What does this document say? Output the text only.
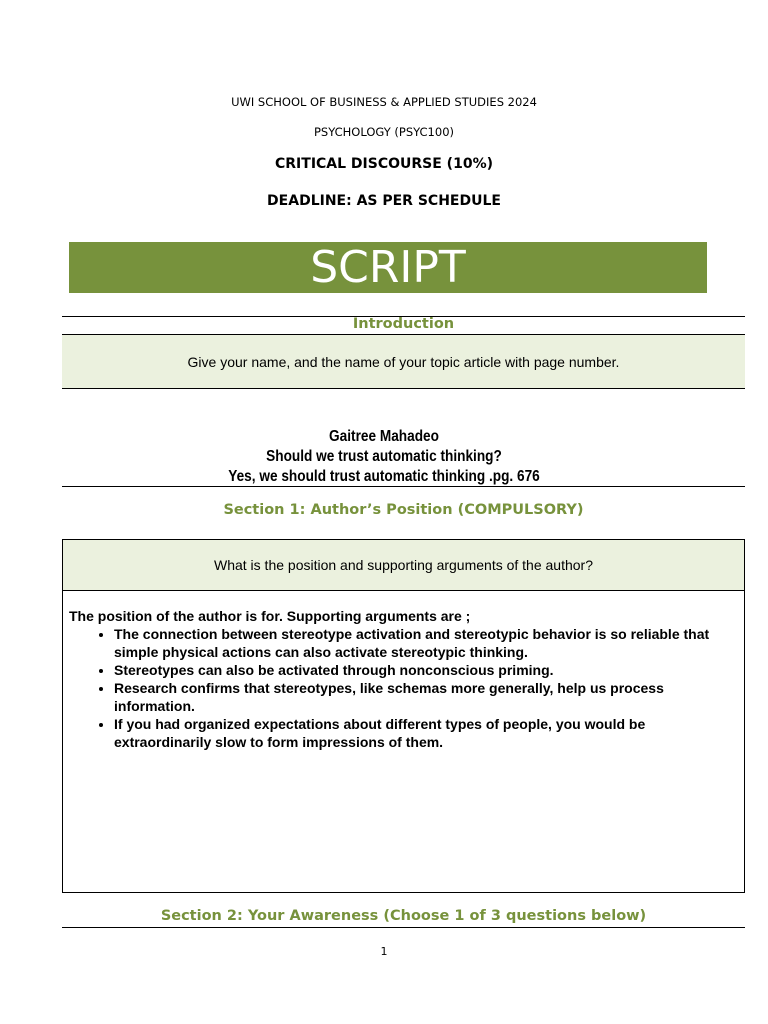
UWI SCHOOL OF BUSINESS & APPLIED STUDIES 2024
PSYCHOLOGY (PSYC100)
CRITICAL DISCOURSE (10%)
DEADLINE: AS PER SCHEDULE
SCRIPT
Introduction
Give your name, and the name of your topic article with page number.
Gaitree Mahadeo
Should we trust automatic thinking?
Yes, we should trust automatic thinking .pg. 676
Section 1: Author’s Position (COMPULSORY)
What is the position and supporting arguments of the author?
The position of the author is for. Supporting arguments are ;
• The connection between stereotype activation and stereotypic behavior is so reliable that simple physical actions can also activate stereotypic thinking.
• Stereotypes can also be activated through nonconscious priming.
• Research confirms that stereotypes, like schemas more generally, help us process information.
• If you had organized expectations about different types of people, you would be extraordinarily slow to form impressions of them.
Section 2: Your Awareness (Choose 1 of 3 questions below)
1
